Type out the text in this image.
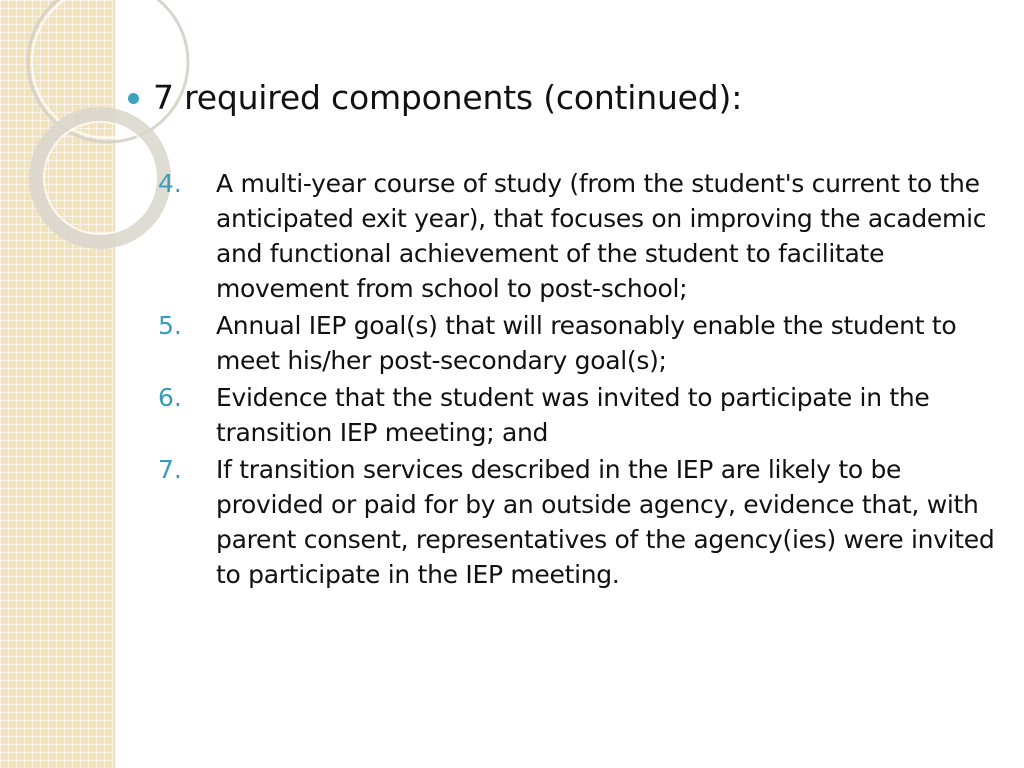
7 required components (continued):
4.	A multi-year course of study (from the student's current to the anticipated exit year), that focuses on improving the academic and functional achievement of the student to facilitate movement from school to post-school;
5.	Annual IEP goal(s) that will reasonably enable the student to meet his/her post-secondary goal(s);
6.	Evidence that the student was invited to participate in the transition IEP meeting; and
7.	If transition services described in the IEP are likely to be provided or paid for by an outside agency, evidence that, with parent consent, representatives of the agency(ies) were invited to participate in the IEP meeting.
